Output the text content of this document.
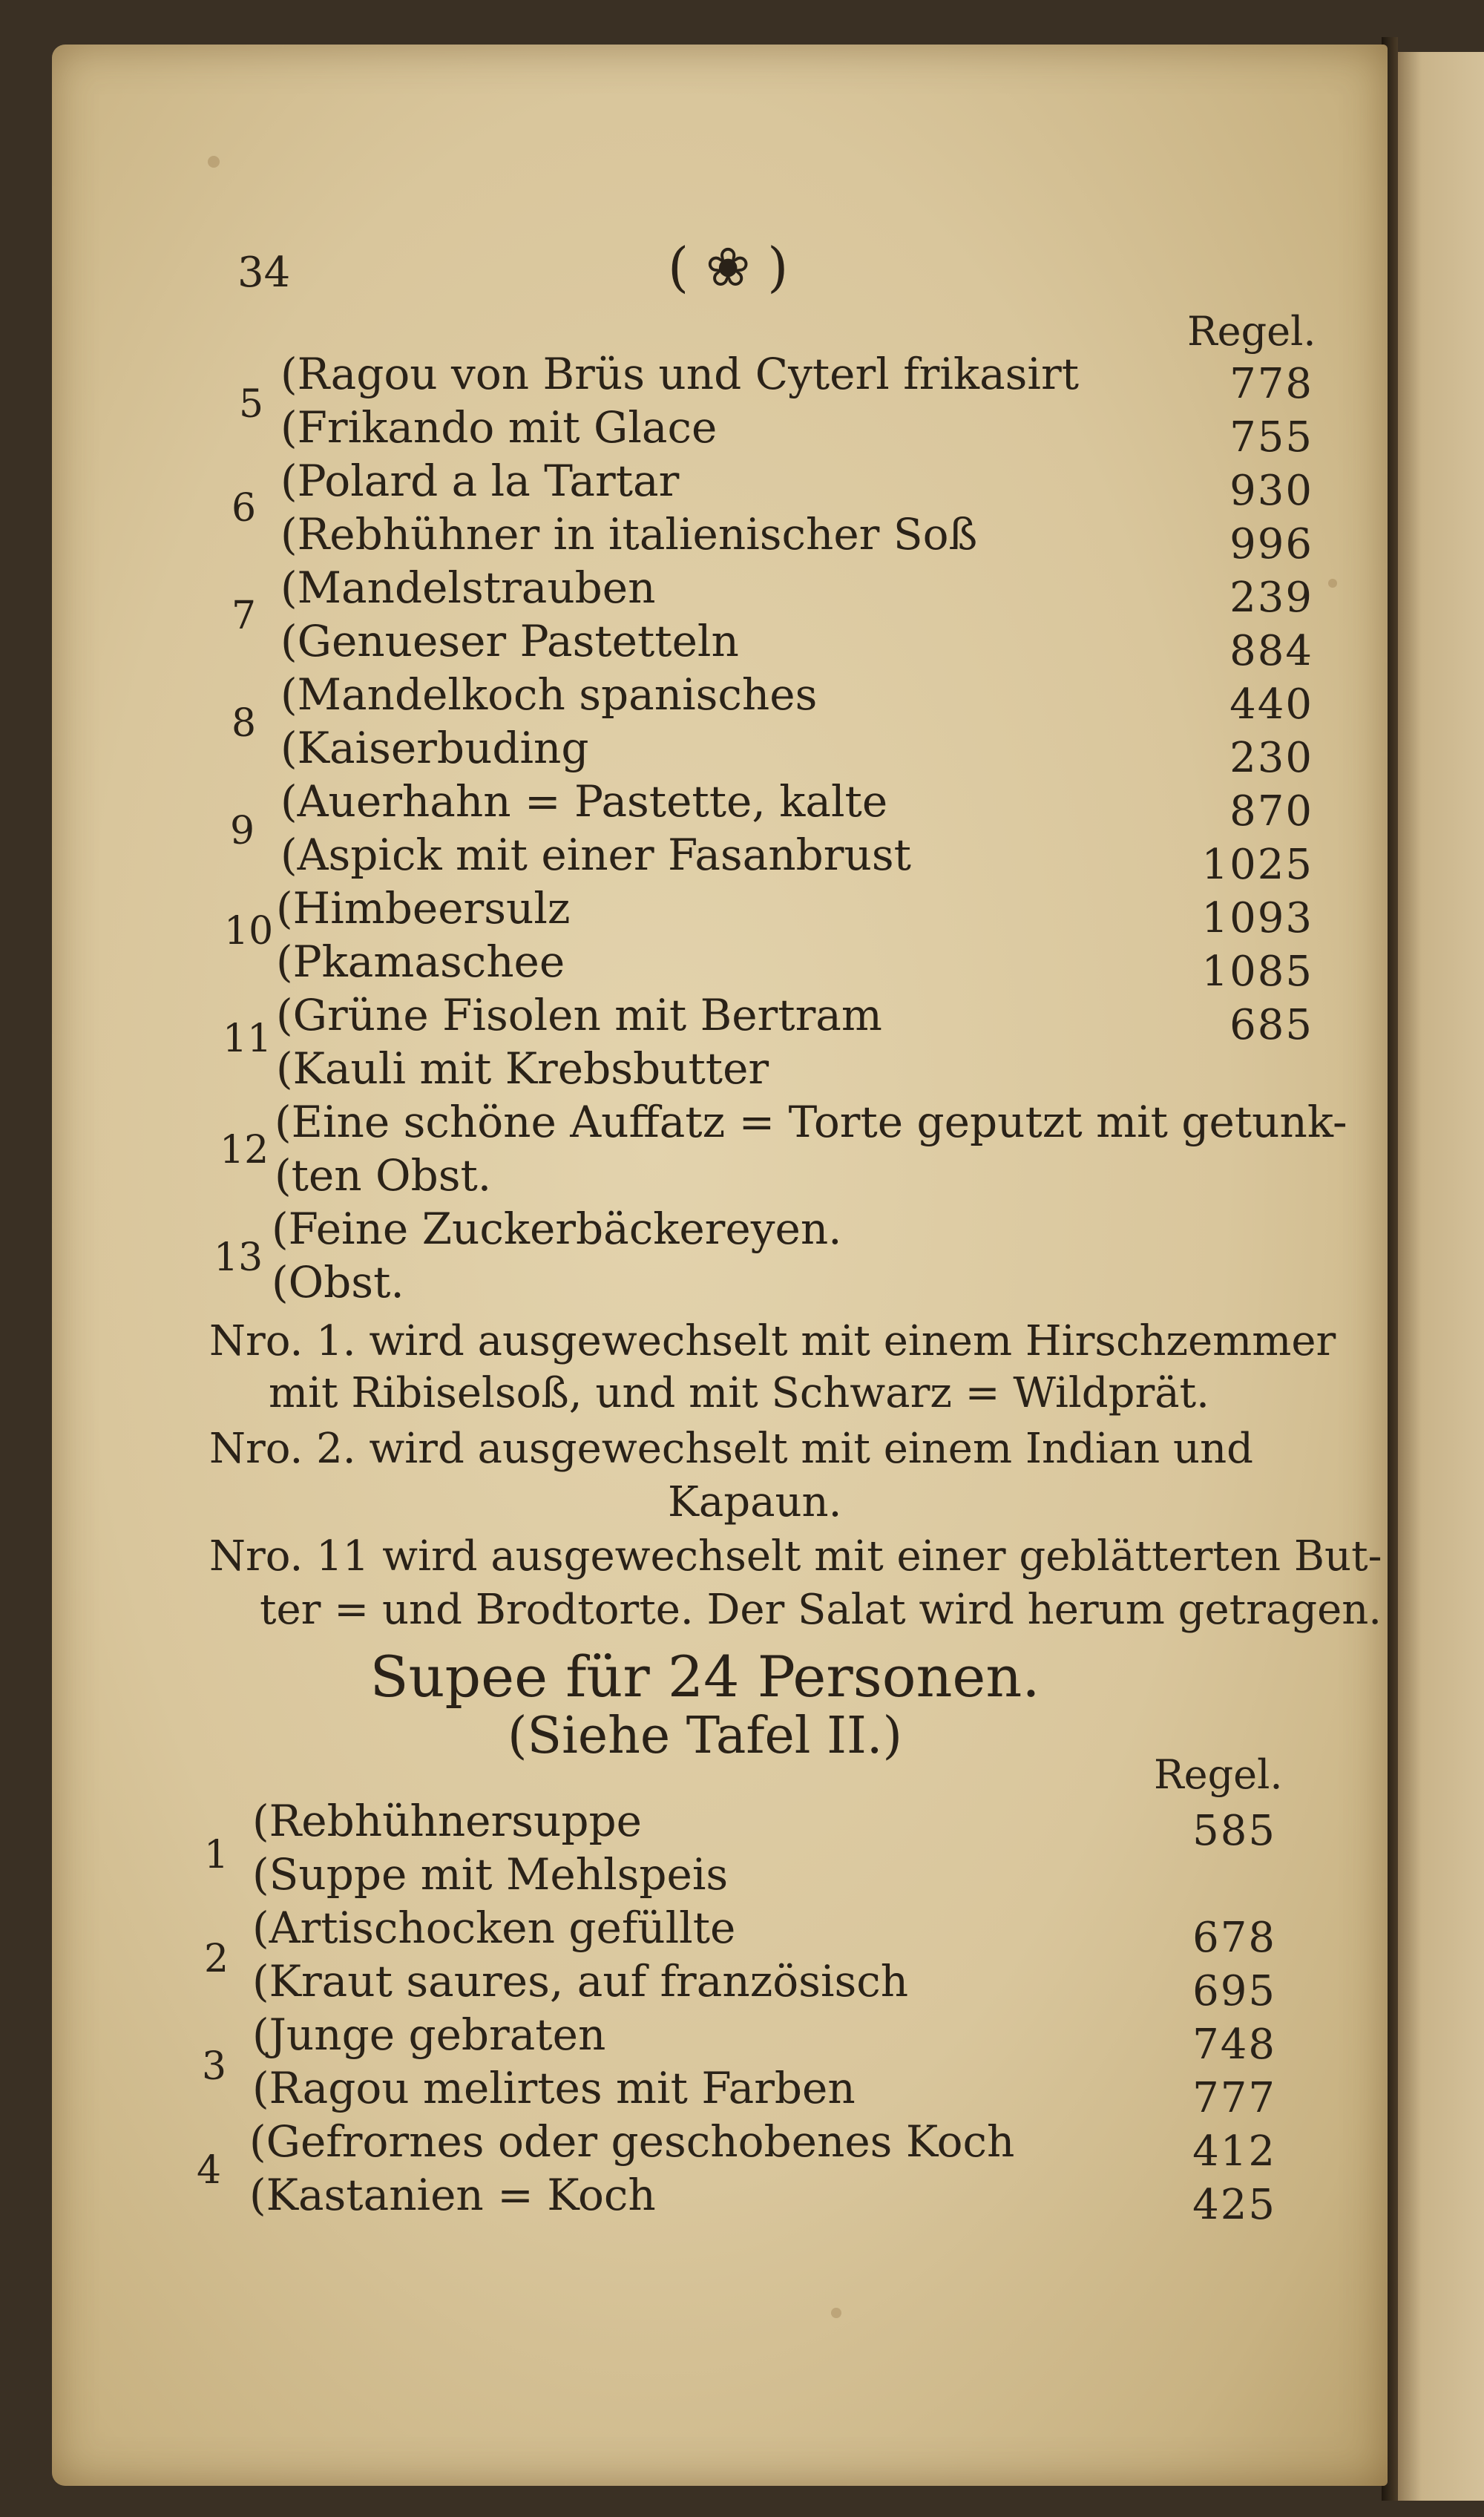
34	( ❀ )
Regel.
5
(Ragou von Brüs und Cyterl frikasirt	778
(Frikando mit Glace	755
6
(Polard a la Tartar	930
(Rebhühner in italienischer Soß	996
7
(Mandelstrauben	239
(Genueser Pastetteln	884
8
(Mandelkoch spanisches	440
(Kaiserbuding	230
9
(Auerhahn = Pastette, kalte	870
(Aspick mit einer Fasanbrust	1025
10 (Himbeersulz	1093
(Pkamaschee	1085
11 (Grüne Fisolen mit Bertram	685
(Kauli mit Krebsbutter
12
(Eine schöne Auffatz = Torte geputzt mit getunk-
(ten Obst.
13
(Feine Zuckerbäckereyen.
(Obst.
Nro. 1. wird ausgewechselt mit einem Hirschzemmer
mit Ribiselsoß, und mit Schwarz = Wildprät.
Nro. 2. wird ausgewechselt mit einem Indian und
Kapaun.
Nro. 11 wird ausgewechselt mit einer geblätterten But-
ter = und Brodtorte. Der Salat wird herum getragen.
Supee für 24 Personen.
(Siehe Tafel II.)
Regel.
1
(Rebhühnersuppe	585
(Suppe mit Mehlspeis
2
(Artischocken gefüllte	678
(Kraut saures, auf französisch	695
3
(Junge gebraten	748
(Ragou melirtes mit Farben	777
4
(Gefrornes oder geschobenes Koch	412
(Kastanien = Koch	425
